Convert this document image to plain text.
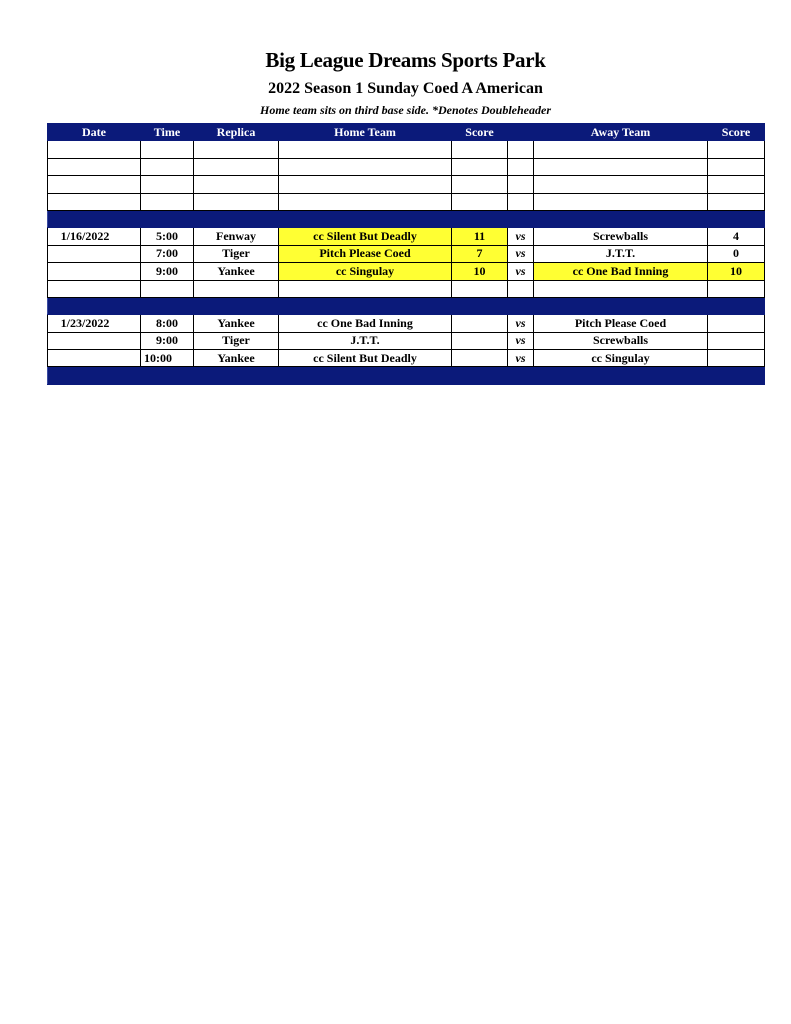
Big League Dreams Sports Park
2022 Season 1 Sunday Coed A American
Home team sits on third base side. *Denotes Doubleheader
Date	Time	Replica	Home Team	Score		Away Team	Score

1/16/2022	5:00	Fenway	cc Silent But Deadly	11	vs	Screwballs	4
	7:00	Tiger	Pitch Please Coed	7	vs	J.T.T.	0
	9:00	Yankee	cc Singulay	10	vs	cc One Bad Inning	10

1/23/2022	8:00	Yankee	cc One Bad Inning		vs	Pitch Please Coed	
	9:00	Tiger	J.T.T.		vs	Screwballs	
	10:00	Yankee	cc Silent But Deadly		vs	cc Singulay	
